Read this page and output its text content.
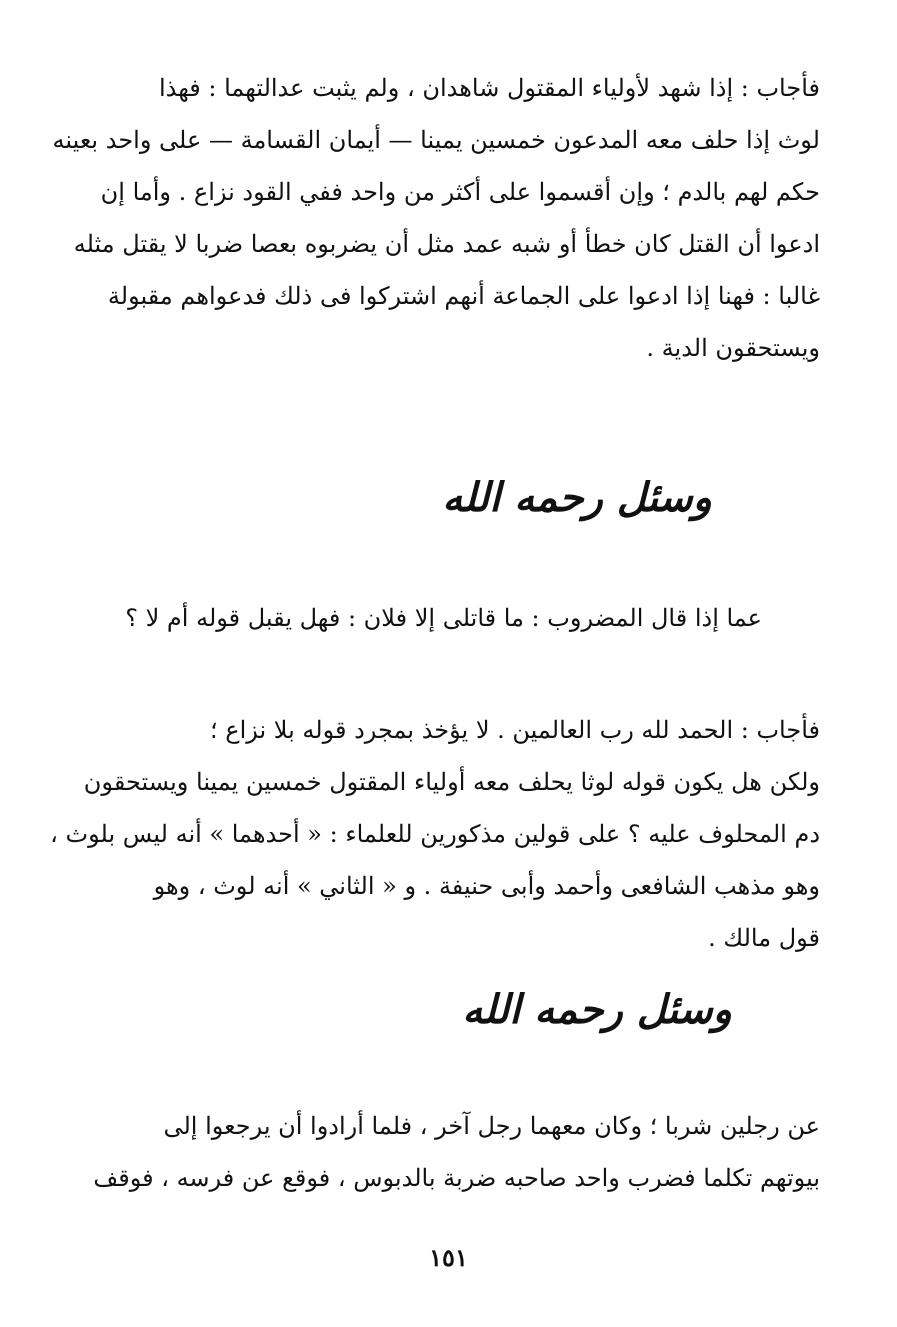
فأجاب : إذا شهد لأولياء المقتول شاهدان ، ولم يثبت عدالتهما : فهذا
لوث إذا حلف معه المدعون خمسين يمينا — أيمان القسامة — على واحد بعينه
حكم لهم بالدم ؛ وإن أقسموا على أكثر من واحد ففي القود نزاع . وأما إن
ادعوا أن القتل كان خطأ أو شبه عمد مثل أن يضربوه بعصا ضربا لا يقتل مثله
غالبا : فهنا إذا ادعوا على الجماعة أنهم اشتركوا فى ذلك فدعواهم مقبولة
ويستحقون الدية .
وسئل رحمه الله
عما إذا قال المضروب : ما قاتلى إلا فلان : فهل يقبل قوله أم لا ؟
فأجاب : الحمد لله رب العالمين . لا يؤخذ بمجرد قوله بلا نزاع ؛
ولكن هل يكون قوله لوثا يحلف معه أولياء المقتول خمسين يمينا ويستحقون
دم المحلوف عليه ؟ على قولين مذكورين للعلماء : « أحدهما » أنه ليس بلوث ،
وهو مذهب الشافعى وأحمد وأبى حنيفة . و « الثاني » أنه لوث ، وهو
قول مالك .
وسئل رحمه الله
عن رجلين شربا ؛ وكان معهما رجل آخر ، فلما أرادوا أن يرجعوا إلى
بيوتهم تكلما فضرب واحد صاحبه ضربة بالدبوس ، فوقع عن فرسه ، فوقف
١٥١
